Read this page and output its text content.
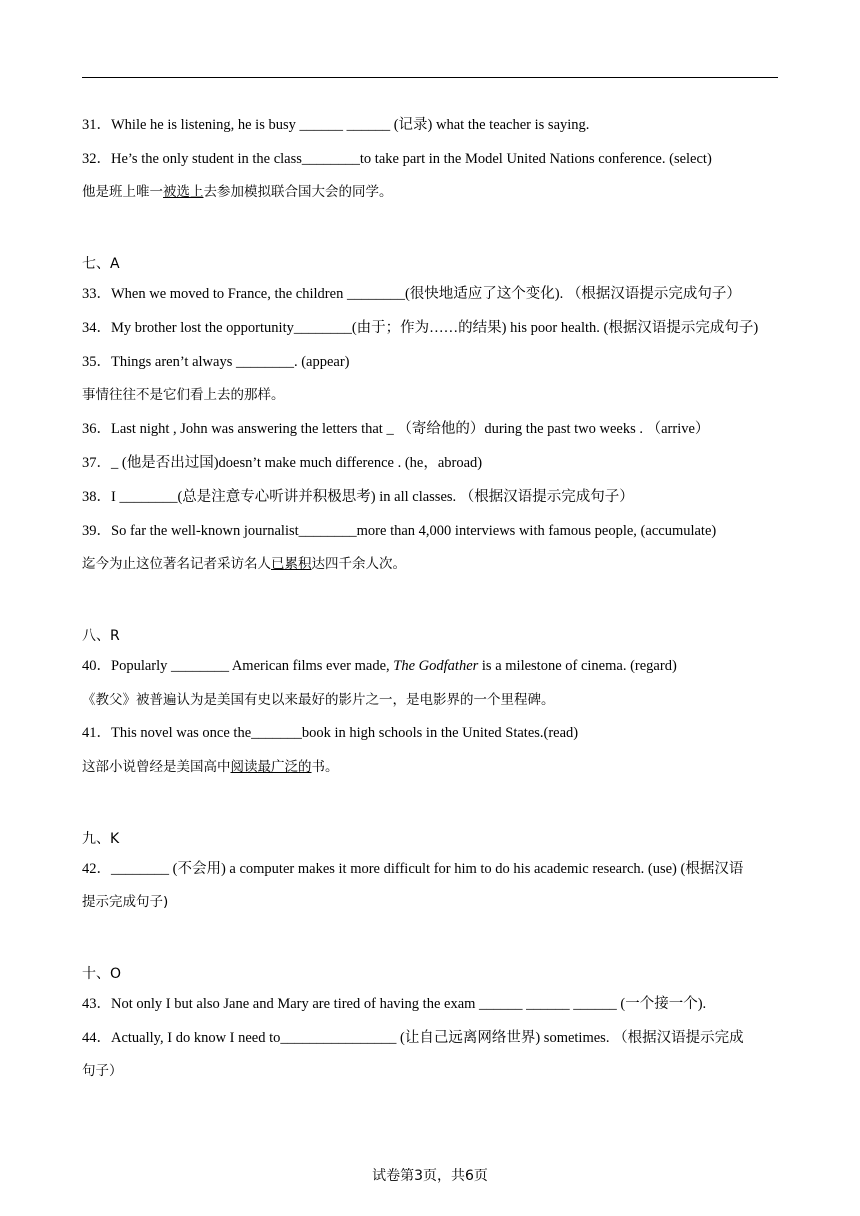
31．While he is listening, he is busy ______ ______ (记录) what the teacher is saying.
32．He’s the only student in the class________to take part in the Model United Nations conference. (select)
他是班上唯一被选上去参加模拟联合国大会的同学。
七、A
33．When we moved to France, the children ________(很快地适应了这个变化). （根据汉语提示完成句子）
34．My brother lost the opportunity________(由于；作为……的结果) his poor health. (根据汉语提示完成句子)
35．Things aren’t always ________. (appear)
事情往往不是它们看上去的那样。
36．Last night , John was answering the letters that _ （寄给他的）during the past two weeks . （arrive）
37．_ (他是否出过国)doesn’t make much difference . (he，abroad)
38．I ________(总是注意专心听讲并积极思考) in all classes. （根据汉语提示完成句子）
39．So far the well-known journalist________more than 4,000 interviews with famous people, (accumulate)
迄今为止这位著名记者采访名人已累积达四千余人次。
八、R
40．Popularly ________ American films ever made, The Godfather is a milestone of cinema. (regard)
《教父》被普遍认为是美国有史以来最好的影片之一，是电影界的一个里程碑。
41．This novel was once the_______book in high schools in the United States.(read)
这部小说曾经是美国高中阅读最广泛的书。
九、K
42．________ (不会用) a computer makes it more difficult for him to do his academic research. (use) (根据汉语
提示完成句子)
十、O
43．Not only I but also Jane and Mary are tired of having the exam ______ ______ ______ (一个接一个).
44．Actually, I do know I need to________________ (让自己远离网络世界) sometimes. （根据汉语提示完成
句子）
试卷第3页，共6页
